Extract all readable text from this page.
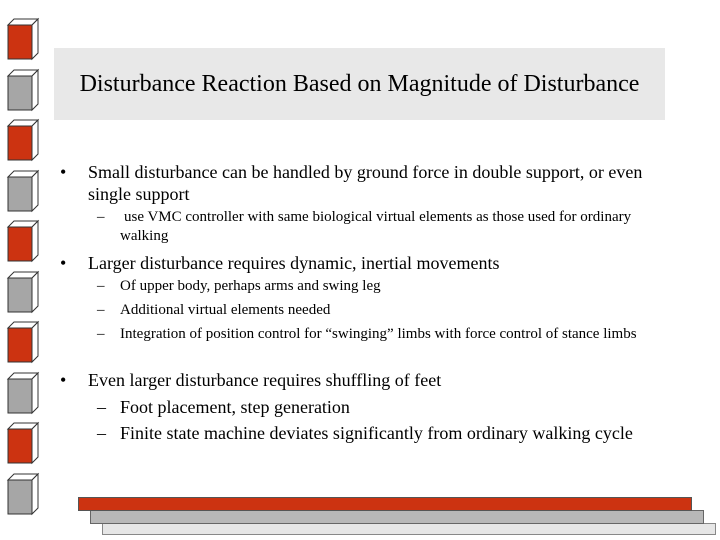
Disturbance Reaction Based on Magnitude of Disturbance
• Small disturbance can be handled by ground force in double support, or even single support
– use VMC controller with same biological virtual elements as those used for ordinary walking
• Larger disturbance requires dynamic, inertial movements
– Of upper body, perhaps arms and swing leg
– Additional virtual elements needed
– Integration of position control for “swinging” limbs with force control of stance limbs
• Even larger disturbance requires shuffling of feet
– Foot placement, step generation
– Finite state machine deviates significantly from ordinary walking cycle
